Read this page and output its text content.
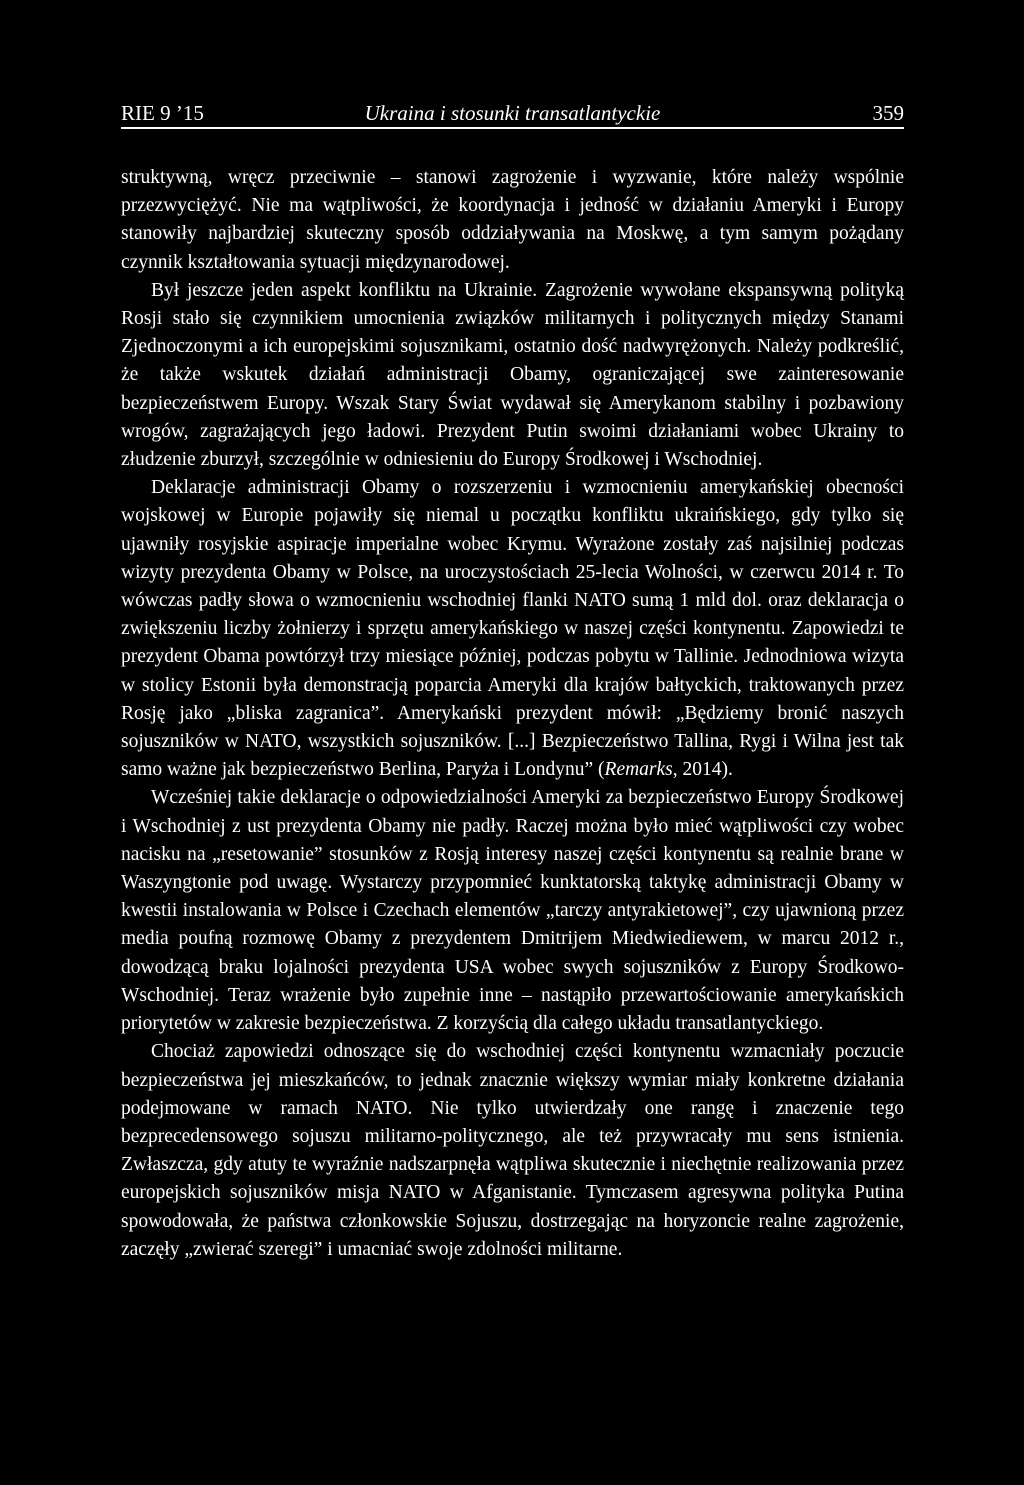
RIE 9 ’15	Ukraina i stosunki transatlantyckie	359

struktywną, wręcz przeciwnie – stanowi zagrożenie i wyzwanie, które należy wspólnie przezwyciężyć. Nie ma wątpliwości, że koordynacja i jedność w działaniu Ameryki i Europy stanowiły najbardziej skuteczny sposób oddziaływania na Moskwę, a tym samym pożądany czynnik kształtowania sytuacji międzynarodowej.

Był jeszcze jeden aspekt konfliktu na Ukrainie. Zagrożenie wywołane ekspansywną polityką Rosji stało się czynnikiem umocnienia związków militarnych i politycznych między Stanami Zjednoczonymi a ich europejskimi sojusznikami, ostatnio dość nadwyrężonych. Należy podkreślić, że także wskutek działań administracji Obamy, ograniczającej swe zainteresowanie bezpieczeństwem Europy. Wszak Stary Świat wydawał się Amerykanom stabilny i pozbawiony wrogów, zagrażających jego ładowi. Prezydent Putin swoimi działaniami wobec Ukrainy to złudzenie zburzył, szczególnie w odniesieniu do Europy Środkowej i Wschodniej.

Deklaracje administracji Obamy o rozszerzeniu i wzmocnieniu amerykańskiej obecności wojskowej w Europie pojawiły się niemal u początku konfliktu ukraińskiego, gdy tylko się ujawniły rosyjskie aspiracje imperialne wobec Krymu. Wyrażone zostały zaś najsilniej podczas wizyty prezydenta Obamy w Polsce, na uroczystościach 25-lecia Wolności, w czerwcu 2014 r. To wówczas padły słowa o wzmocnieniu wschodniej flanki NATO sumą 1 mld dol. oraz deklaracja o zwiększeniu liczby żołnierzy i sprzętu amerykańskiego w naszej części kontynentu. Zapowiedzi te prezydent Obama powtórzył trzy miesiące później, podczas pobytu w Tallinie. Jednodniowa wizyta w stolicy Estonii była demonstracją poparcia Ameryki dla krajów bałtyckich, traktowanych przez Rosję jako „bliska zagranica”. Amerykański prezydent mówił: „Będziemy bronić naszych sojuszników w NATO, wszystkich sojuszników. [...] Bezpieczeństwo Tallina, Rygi i Wilna jest tak samo ważne jak bezpieczeństwo Berlina, Paryża i Londynu” (Remarks, 2014).

Wcześniej takie deklaracje o odpowiedzialności Ameryki za bezpieczeństwo Europy Środkowej i Wschodniej z ust prezydenta Obamy nie padły. Raczej można było mieć wątpliwości czy wobec nacisku na „resetowanie” stosunków z Rosją interesy naszej części kontynentu są realnie brane w Waszyngtonie pod uwagę. Wystarczy przypomnieć kunktatorską taktykę administracji Obamy w kwestii instalowania w Polsce i Czechach elementów „tarczy antyrakietowej”, czy ujawnioną przez media poufną rozmowę Obamy z prezydentem Dmitrijem Miedwiediewem, w marcu 2012 r., dowodzącą braku lojalności prezydenta USA wobec swych sojuszników z Europy Środkowo-Wschodniej. Teraz wrażenie było zupełnie inne – nastąpiło przewartościowanie amerykańskich priorytetów w zakresie bezpieczeństwa. Z korzyścią dla całego układu transatlantyckiego.

Chociaż zapowiedzi odnoszące się do wschodniej części kontynentu wzmacniały poczucie bezpieczeństwa jej mieszkańców, to jednak znacznie większy wymiar miały konkretne działania podejmowane w ramach NATO. Nie tylko utwierdzały one rangę i znaczenie tego bezprecedensowego sojuszu militarno-politycznego, ale też przywracały mu sens istnienia. Zwłaszcza, gdy atuty te wyraźnie nadszarpnęła wątpliwa skutecznie i niechętnie realizowania przez europejskich sojuszników misja NATO w Afganistanie. Tymczasem agresywna polityka Putina spowodowała, że państwa członkowskie Sojuszu, dostrzegając na horyzoncie realne zagrożenie, zaczęły „zwierać szeregi” i umacniać swoje zdolności militarne.
